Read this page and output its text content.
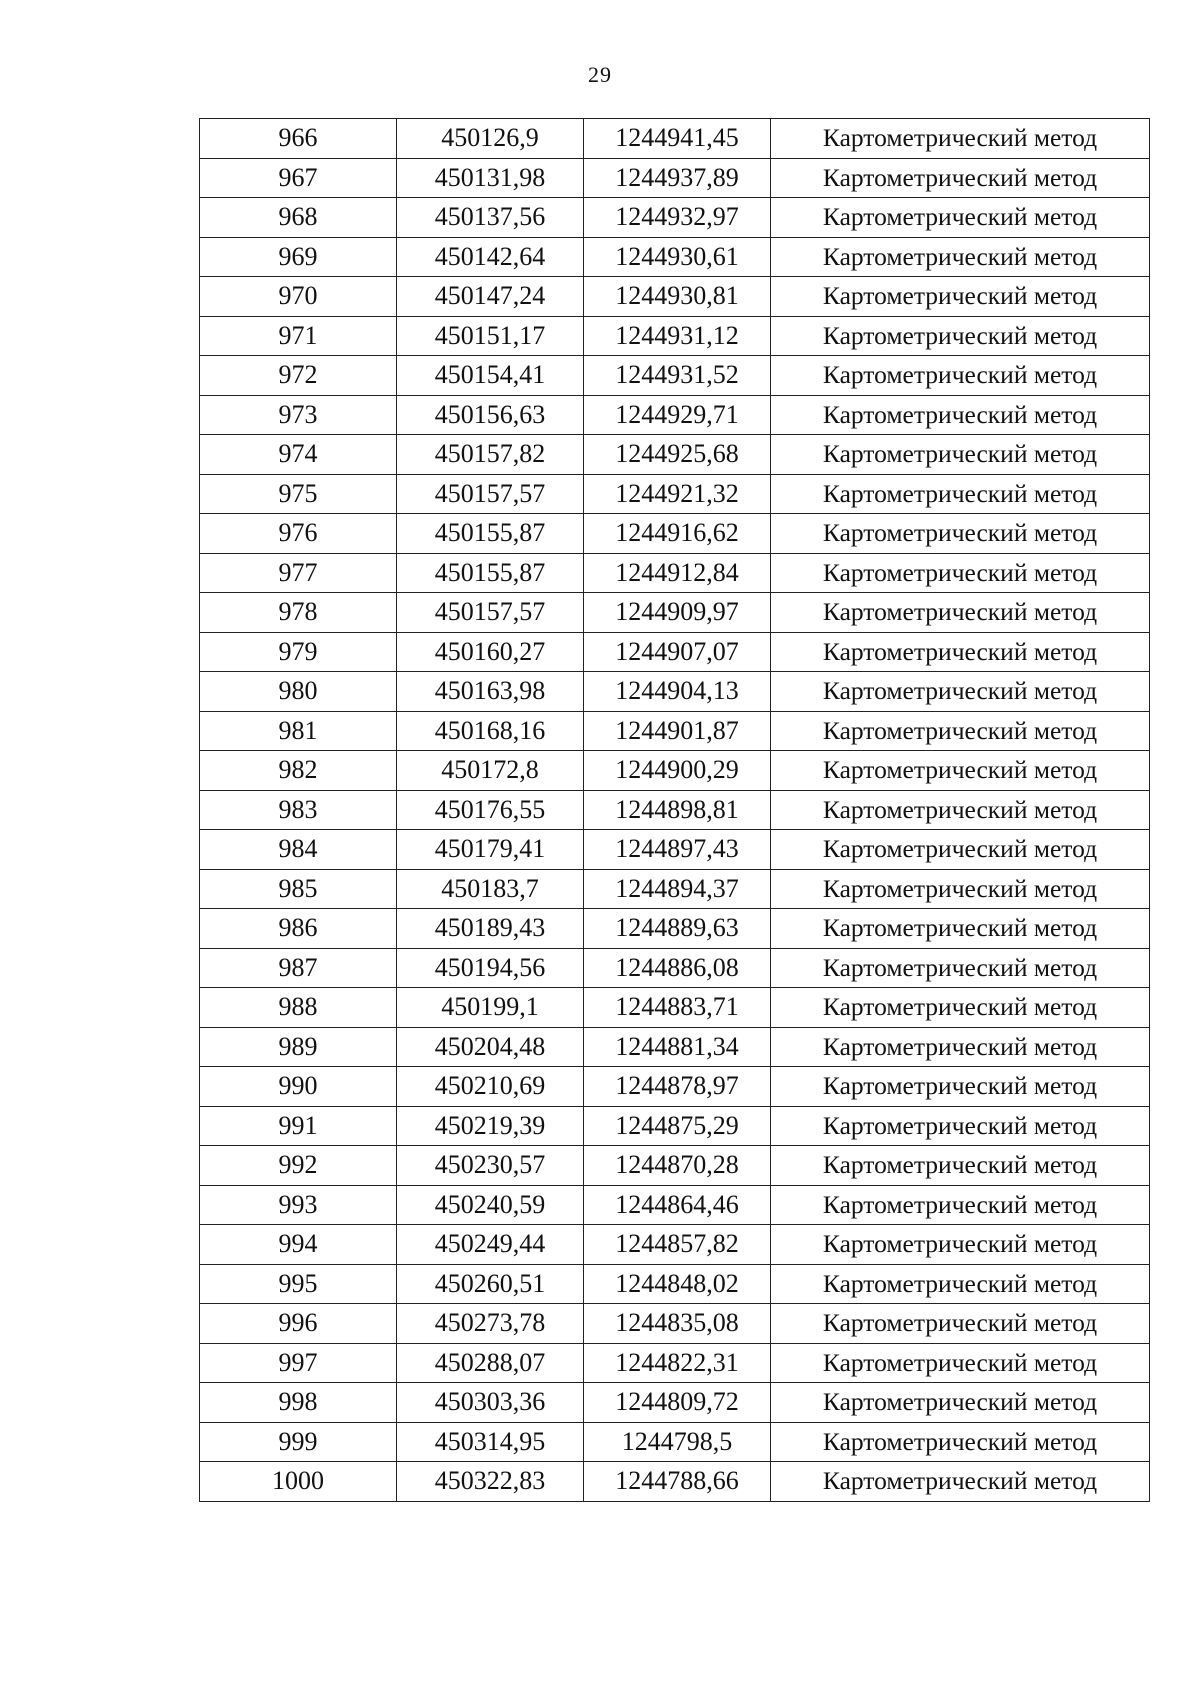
29
966	450126,9	1244941,45	Картометрический метод
967	450131,98	1244937,89	Картометрический метод
968	450137,56	1244932,97	Картометрический метод
969	450142,64	1244930,61	Картометрический метод
970	450147,24	1244930,81	Картометрический метод
971	450151,17	1244931,12	Картометрический метод
972	450154,41	1244931,52	Картометрический метод
973	450156,63	1244929,71	Картометрический метод
974	450157,82	1244925,68	Картометрический метод
975	450157,57	1244921,32	Картометрический метод
976	450155,87	1244916,62	Картометрический метод
977	450155,87	1244912,84	Картометрический метод
978	450157,57	1244909,97	Картометрический метод
979	450160,27	1244907,07	Картометрический метод
980	450163,98	1244904,13	Картометрический метод
981	450168,16	1244901,87	Картометрический метод
982	450172,8	1244900,29	Картометрический метод
983	450176,55	1244898,81	Картометрический метод
984	450179,41	1244897,43	Картометрический метод
985	450183,7	1244894,37	Картометрический метод
986	450189,43	1244889,63	Картометрический метод
987	450194,56	1244886,08	Картометрический метод
988	450199,1	1244883,71	Картометрический метод
989	450204,48	1244881,34	Картометрический метод
990	450210,69	1244878,97	Картометрический метод
991	450219,39	1244875,29	Картометрический метод
992	450230,57	1244870,28	Картометрический метод
993	450240,59	1244864,46	Картометрический метод
994	450249,44	1244857,82	Картометрический метод
995	450260,51	1244848,02	Картометрический метод
996	450273,78	1244835,08	Картометрический метод
997	450288,07	1244822,31	Картометрический метод
998	450303,36	1244809,72	Картометрический метод
999	450314,95	1244798,5	Картометрический метод
1000	450322,83	1244788,66	Картометрический метод
